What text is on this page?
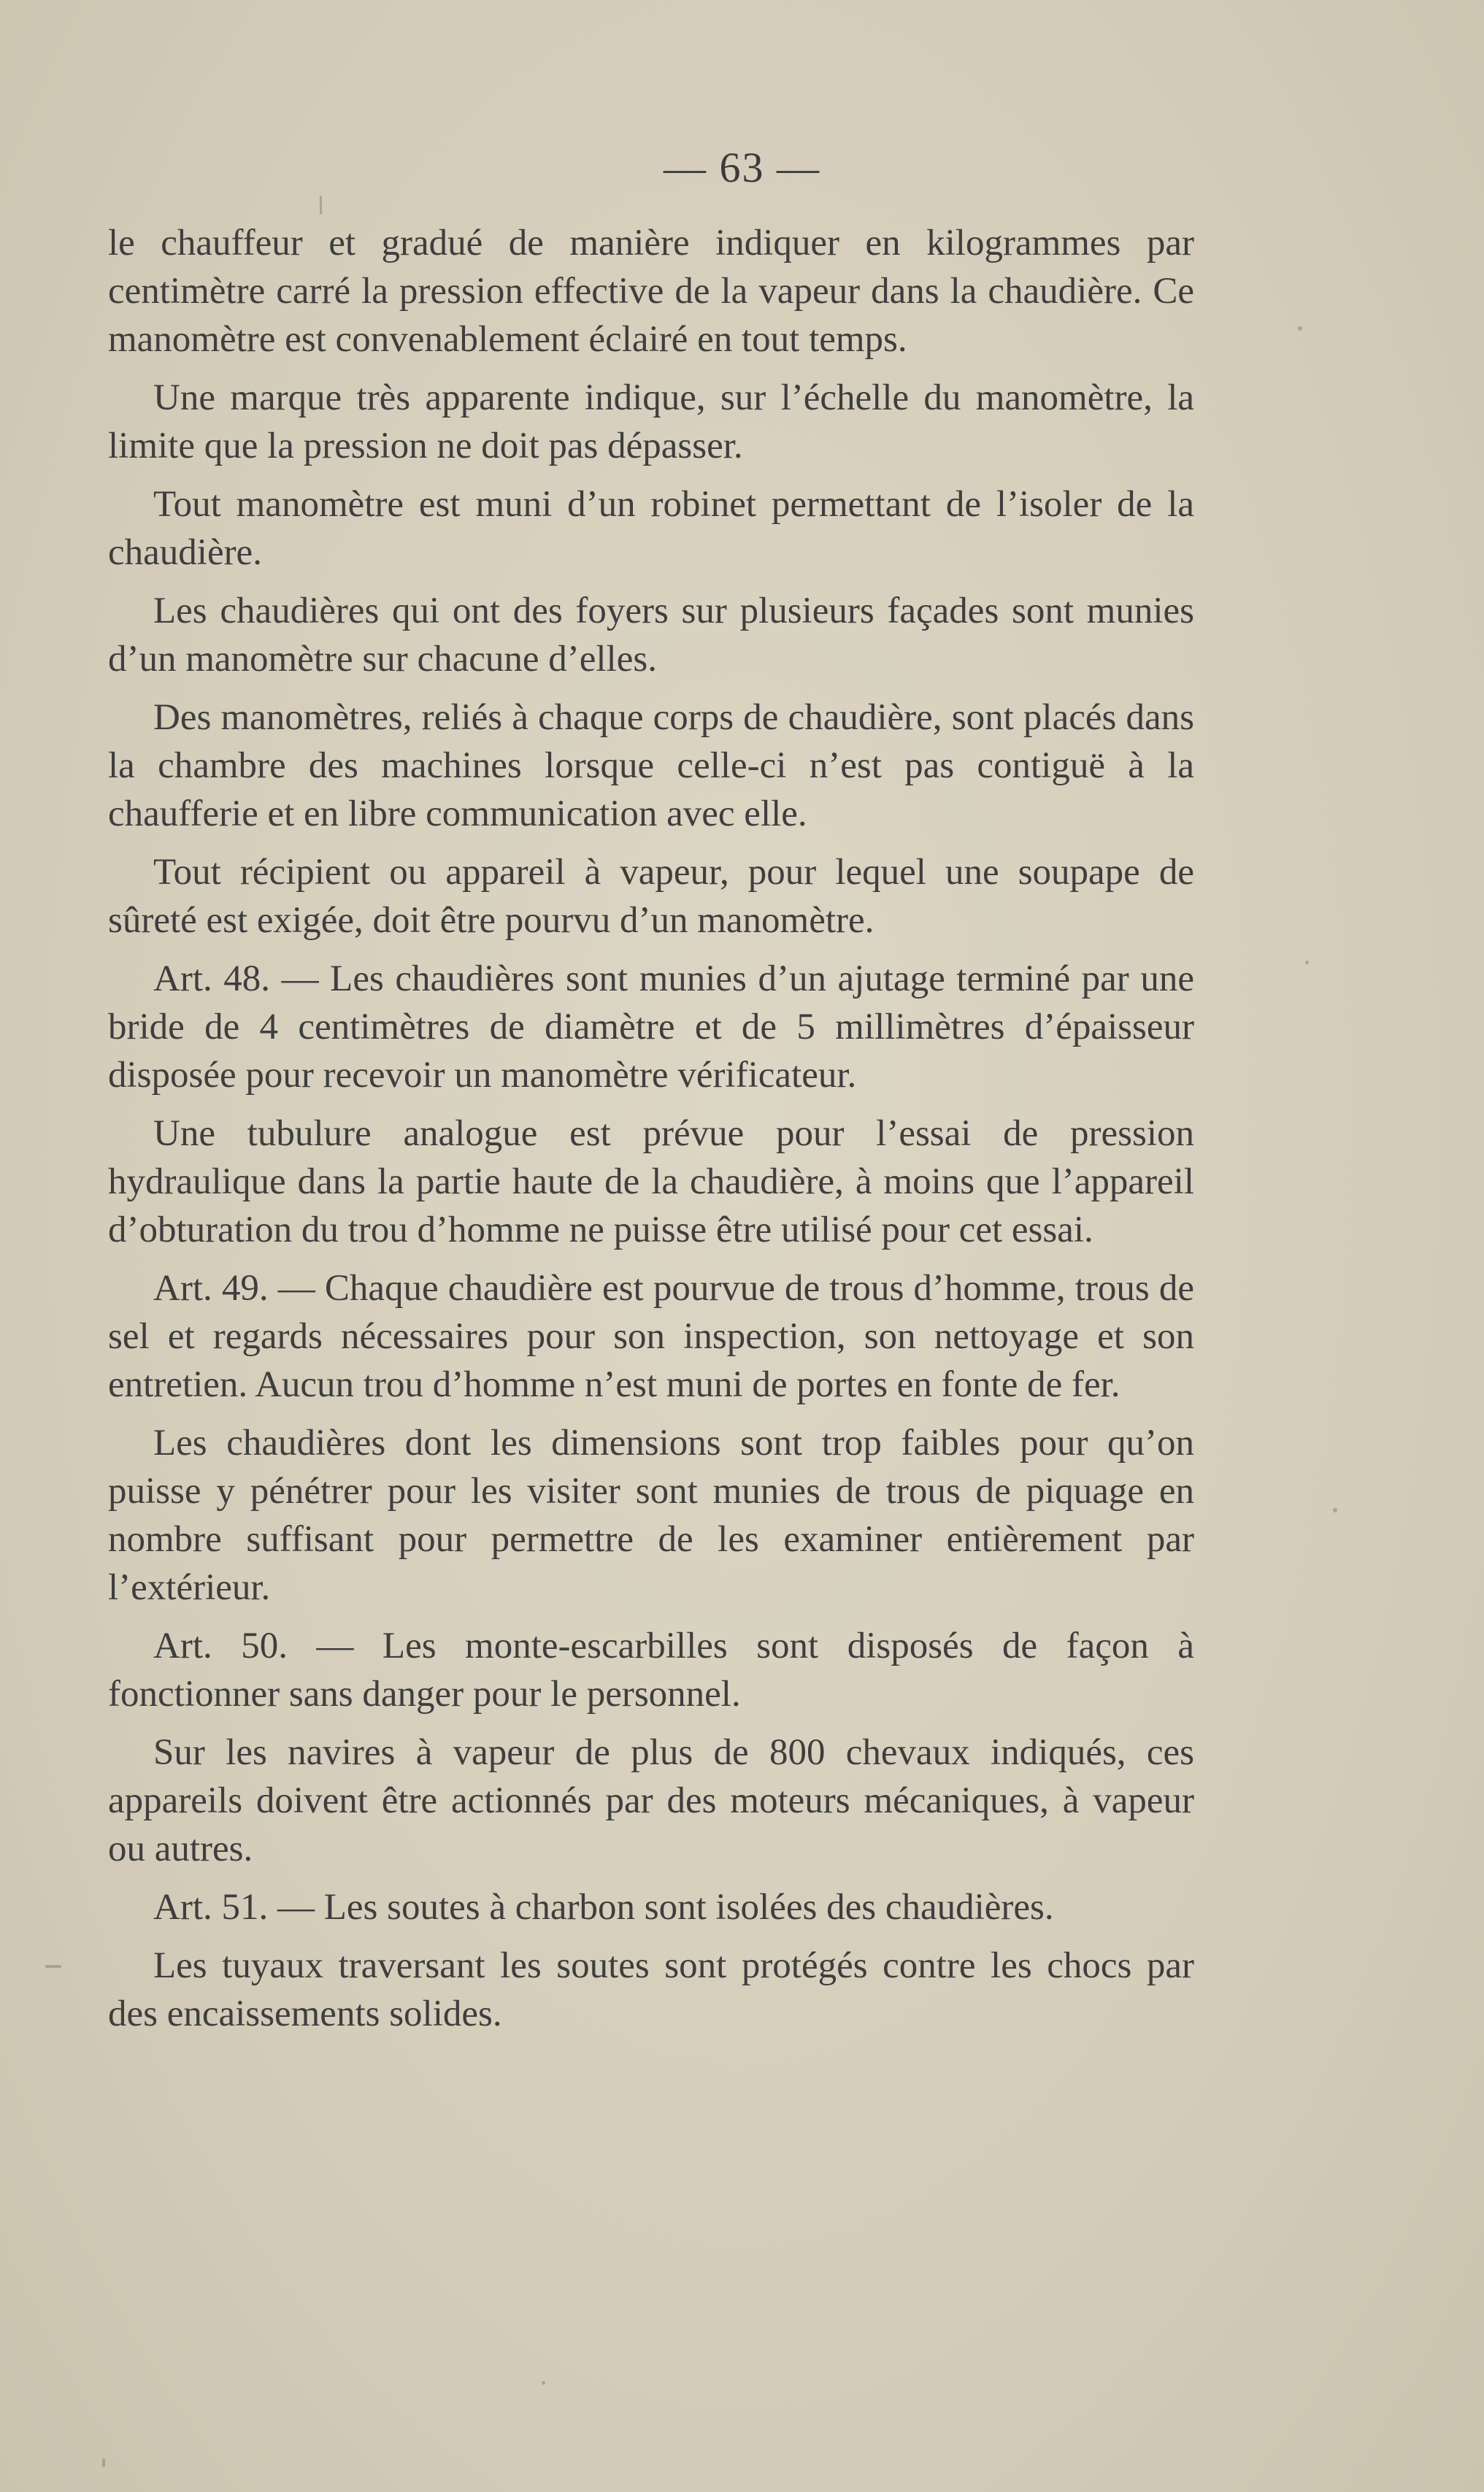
— 63 —

le chauffeur et gradué de manière indiquer en kilogrammes par centimètre carré la pression effective de la vapeur dans la chaudière. Ce manomètre est convenablement éclairé en tout temps.

Une marque très apparente indique, sur l’échelle du manomètre, la limite que la pression ne doit pas dépasser.

Tout manomètre est muni d’un robinet permettant de l’isoler de la chaudière.

Les chaudières qui ont des foyers sur plusieurs façades sont munies d’un manomètre sur chacune d’elles.

Des manomètres, reliés à chaque corps de chaudière, sont placés dans la chambre des machines lorsque celle-ci n’est pas contiguë à la chaufferie et en libre communication avec elle.

Tout récipient ou appareil à vapeur, pour lequel une soupape de sûreté est exigée, doit être pourvu d’un manomètre.

Art. 48. — Les chaudières sont munies d’un ajutage terminé par une bride de 4 centimètres de diamètre et de 5 millimètres d’épaisseur disposée pour recevoir un manomètre vérificateur.

Une tubulure analogue est prévue pour l’essai de pression hydraulique dans la partie haute de la chaudière, à moins que l’appareil d’obturation du trou d’homme ne puisse être utilisé pour cet essai.

Art. 49. — Chaque chaudière est pourvue de trous d’homme, trous de sel et regards nécessaires pour son inspection, son nettoyage et son entretien. Aucun trou d’homme n’est muni de portes en fonte de fer.

Les chaudières dont les dimensions sont trop faibles pour qu’on puisse y pénétrer pour les visiter sont munies de trous de piquage en nombre suffisant pour permettre de les examiner entièrement par l’extérieur.

Art. 50. — Les monte-escarbilles sont disposés de façon à fonctionner sans danger pour le personnel.

Sur les navires à vapeur de plus de 800 chevaux indiqués, ces appareils doivent être actionnés par des moteurs mécaniques, à vapeur ou autres.

Art. 51. — Les soutes à charbon sont isolées des chaudières.

Les tuyaux traversant les soutes sont protégés contre les chocs par des encaissements solides.
